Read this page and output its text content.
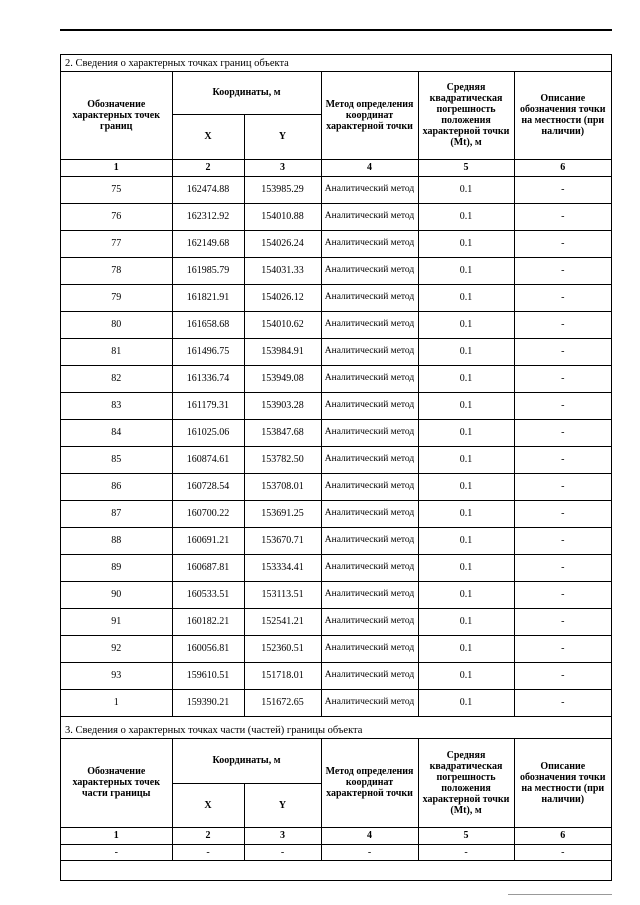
2. Сведения о характерных точках границ объекта
Обозначение характерных точек границ	Координаты, м		Метод определения координат характерной точки	Средняя квадратическая погрешность положения характерной точки (Mt), м	Описание обозначения точки на местности (при наличии)
	X	Y			
1	2	3	4	5	6
75	162474.88	153985.29	Аналитический метод	0.1	-
76	162312.92	154010.88	Аналитический метод	0.1	-
77	162149.68	154026.24	Аналитический метод	0.1	-
78	161985.79	154031.33	Аналитический метод	0.1	-
79	161821.91	154026.12	Аналитический метод	0.1	-
80	161658.68	154010.62	Аналитический метод	0.1	-
81	161496.75	153984.91	Аналитический метод	0.1	-
82	161336.74	153949.08	Аналитический метод	0.1	-
83	161179.31	153903.28	Аналитический метод	0.1	-
84	161025.06	153847.68	Аналитический метод	0.1	-
85	160874.61	153782.50	Аналитический метод	0.1	-
86	160728.54	153708.01	Аналитический метод	0.1	-
87	160700.22	153691.25	Аналитический метод	0.1	-
88	160691.21	153670.71	Аналитический метод	0.1	-
89	160687.81	153334.41	Аналитический метод	0.1	-
90	160533.51	153113.51	Аналитический метод	0.1	-
91	160182.21	152541.21	Аналитический метод	0.1	-
92	160056.81	152360.51	Аналитический метод	0.1	-
93	159610.51	151718.01	Аналитический метод	0.1	-
1	159390.21	151672.65	Аналитический метод	0.1	-
3. Сведения о характерных точках части (частей) границы объекта
Обозначение характерных точек части границы	Координаты, м		Метод определения координат характерной точки	Средняя квадратическая погрешность положения характерной точки (Mt), м	Описание обозначения точки на местности (при наличии)
	X	Y			
1	2	3	4	5	6
-	-	-	-	-	-
